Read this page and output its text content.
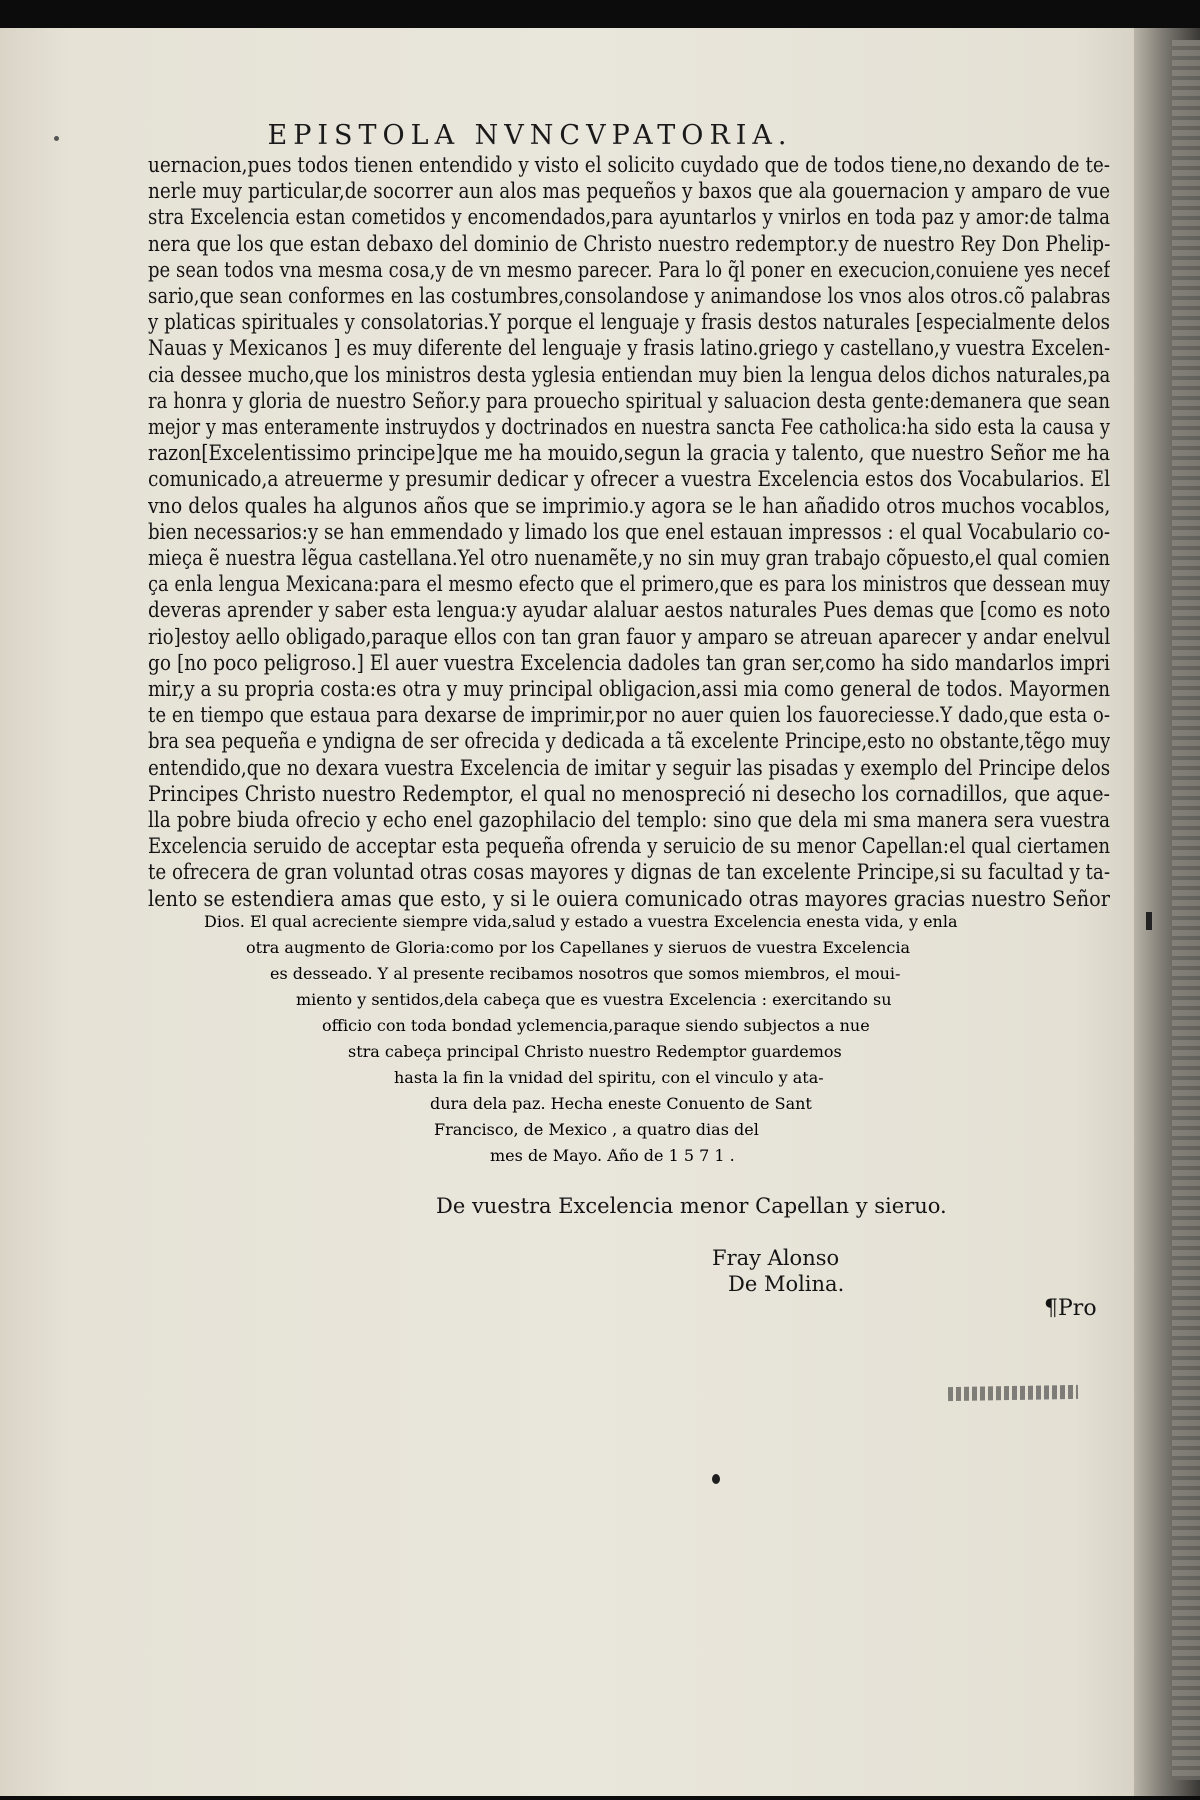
EPISTOLA NVNCVPATORIA.
uernacion,pues todos tienen entendido y visto el solicito cuydado que de todos tiene,no dexando de te-
nerle muy particular,de socorrer aun alos mas pequeños y baxos que ala gouernacion y amparo de vue
stra Excelencia estan cometidos y encomendados,para ayuntarlos y vnirlos en toda paz y amor:de talma
nera que los que estan debaxo del dominio de Christo nuestro redemptor.y de nuestro Rey Don Phelip-
pe sean todos vna mesma cosa,y de vn mesmo parecer. Para lo q̃l poner en execucion,conuiene yes necef
sario,que sean conformes en las costumbres,consolandose y animandose los vnos alos otros.cõ palabras
y platicas spirituales y consolatorias.Y porque el lenguaje y frasis destos naturales [especialmente delos
Nauas y Mexicanos ] es muy diferente del lenguaje y frasis latino.griego y castellano,y vuestra Excelen-
cia dessee mucho,que los ministros desta yglesia entiendan muy bien la lengua delos dichos naturales,pa
ra honra y gloria de nuestro Señor.y para prouecho spiritual y saluacion desta gente:demanera que sean
mejor y mas enteramente instruydos y doctrinados en nuestra sancta Fee catholica:ha sido esta la causa y
razon[Excelentissimo principe]que me ha mouido,segun la gracia y talento, que nuestro Señor me ha
comunicado,a atreuerme y presumir dedicar y ofrecer a vuestra Excelencia estos dos Vocabularios. El
vno delos quales ha algunos años que se imprimio.y agora se le han añadido otros muchos vocablos,
bien necessarios:y se han emmendado y limado los que enel estauan impressos : el qual Vocabulario co-
mieça ẽ nuestra lẽgua castellana.Yel otro nuenamẽte,y no sin muy gran trabajo cõpuesto,el qual comien
ça enla lengua Mexicana:para el mesmo efecto que el primero,que es para los ministros que dessean muy
deveras aprender y saber esta lengua:y ayudar alaluar aestos naturales Pues demas que [como es noto
rio]estoy aello obligado,paraque ellos con tan gran fauor y amparo se atreuan aparecer y andar enelvul
go [no poco peligroso.] El auer vuestra Excelencia dadoles tan gran ser,como ha sido mandarlos impri
mir,y a su propria costa:es otra y muy principal obligacion,assi mia como general de todos. Mayormen
te en tiempo que estaua para dexarse de imprimir,por no auer quien los fauoreciesse.Y dado,que esta o-
bra sea pequeña e yndigna de ser ofrecida y dedicada a tã excelente Principe,esto no obstante,tẽgo muy
entendido,que no dexara vuestra Excelencia de imitar y seguir las pisadas y exemplo del Principe delos
Principes Christo nuestro Redemptor, el qual no menospreció ni desecho los cornadillos, que aque-
lla pobre biuda ofrecio y echo enel gazophilacio del templo: sino que dela mi sma manera sera vuestra
Excelencia seruido de acceptar esta pequeña ofrenda y seruicio de su menor Capellan:el qual ciertamen
te ofrecera de gran voluntad otras cosas mayores y dignas de tan excelente Principe,si su facultad y ta-
lento se estendiera amas que esto, y si le ouiera comunicado otras mayores gracias nuestro Señor
De vuestra Excelencia menor Capellan y sieruo.
Fray Alonso
De Molina.
¶Pro
Dios. El qual acreciente siempre vida,salud y estado a vuestra Excelencia enesta vida, y enla
otra augmento de Gloria:como por los Capellanes y sieruos de vuestra Excelencia
es desseado. Y al presente recibamos nosotros que somos miembros, el moui-
miento y sentidos,dela cabeça que es vuestra Excelencia : exercitando su
officio con toda bondad yclemencia,paraque siendo subjectos a nue
stra cabeça principal Christo nuestro Redemptor guardemos
hasta la fin la vnidad del spiritu, con el vinculo y ata-
dura dela paz. Hecha eneste Conuento de Sant
Francisco, de Mexico , a quatro dias del
mes de Mayo. Año de 1 5 7 1 .
